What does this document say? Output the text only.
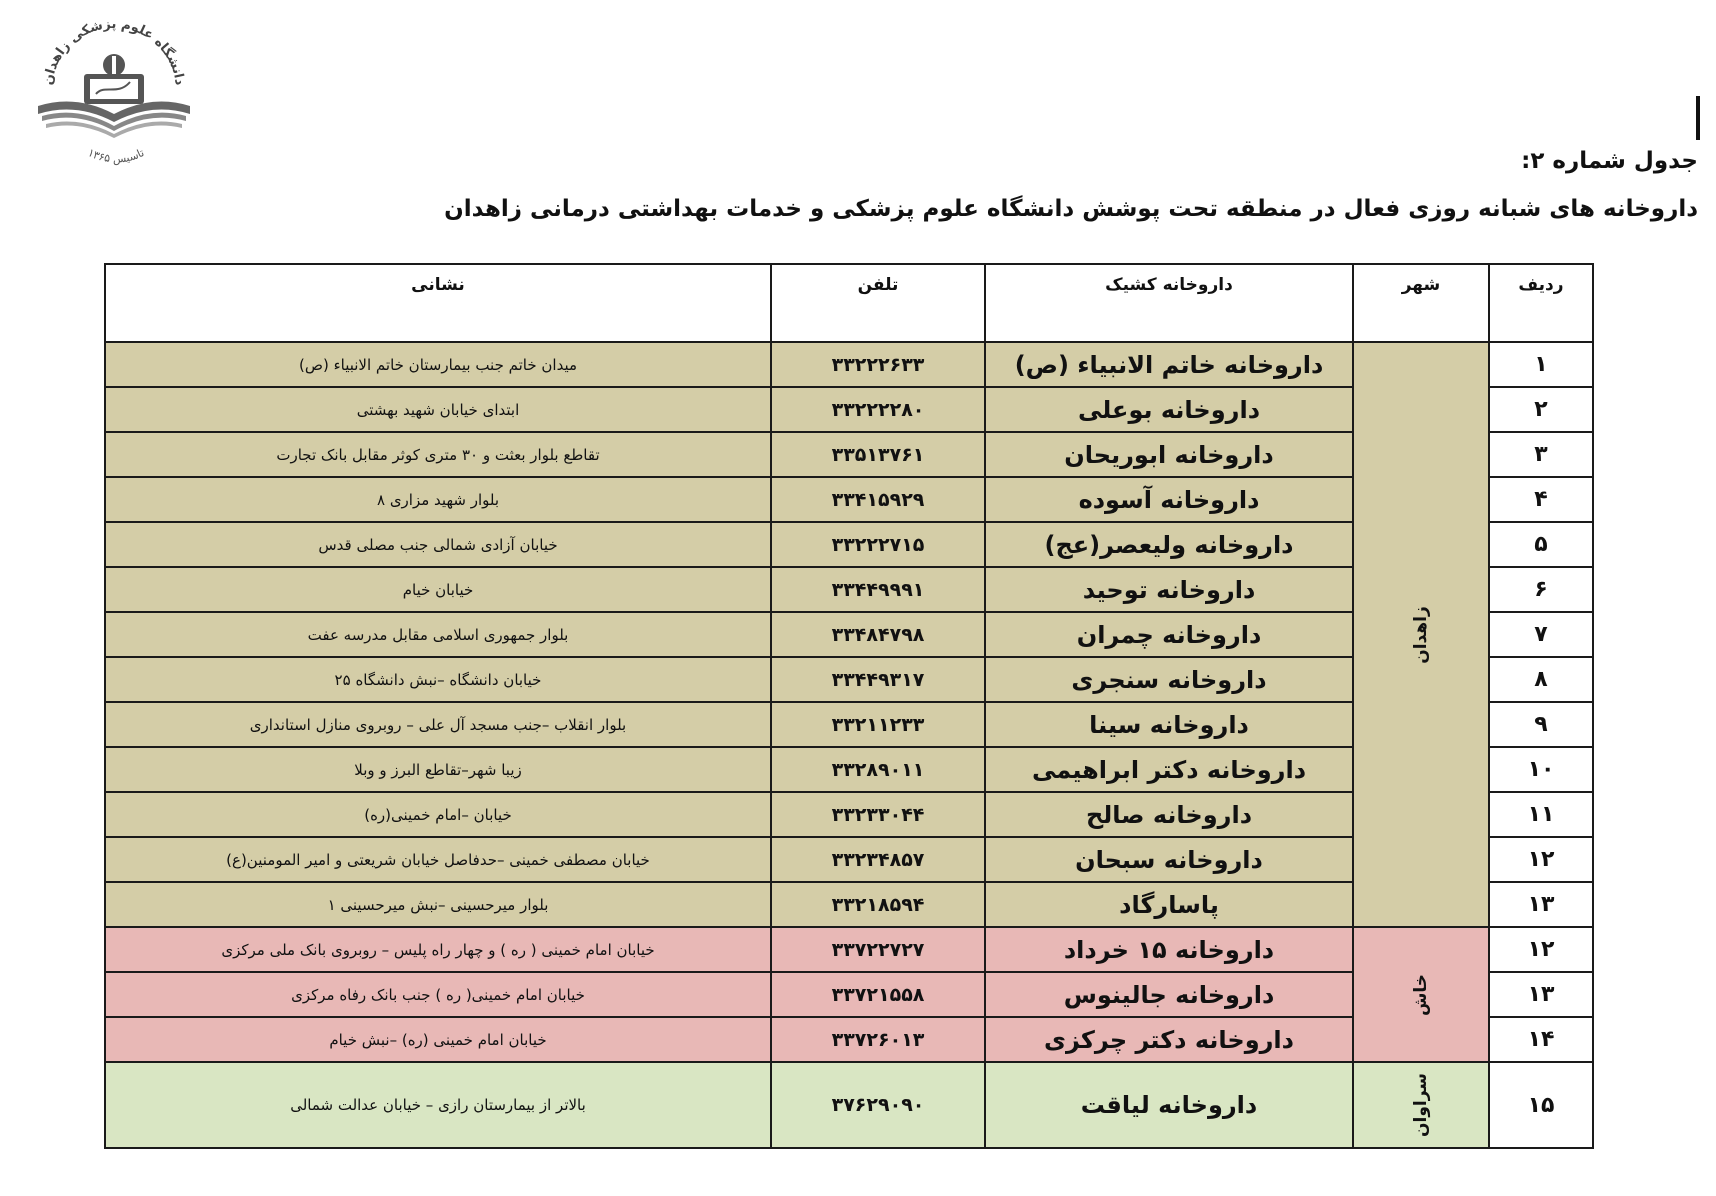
دانشگاه علوم پزشکی زاهدان
تاسیس ۱۳۶۵	جدول شماره ۲:
داروخانه های شبانه روزی فعال در منطقه تحت پوشش دانشگاه علوم پزشکی و خدمات بهداشتی درمانی زاهدان
ردیف	شهر	داروخانه کشیک	تلفن	نشانی
۱	زاهدان	داروخانه خاتم الانبیاء (ص)	۳۳۲۲۲۶۳۳	میدان خاتم جنب بیمارستان خاتم الانبیاء (ص)
۲		داروخانه بوعلی	۳۳۲۲۲۲۸۰	ابتدای خیابان شهید بهشتی
۳		داروخانه ابوریحان	۳۳۵۱۳۷۶۱	تقاطع بلوار بعثت و ۳۰ متری کوثر مقابل بانک تجارت
۴		داروخانه آسوده	۳۳۴۱۵۹۲۹	بلوار شهید مزاری ۸
۵		داروخانه ولیعصر(عج)	۳۳۲۲۲۷۱۵	خیابان آزادی شمالی جنب مصلی قدس
۶		داروخانه توحید	۳۳۴۴۹۹۹۱	خیابان خیام
۷		داروخانه چمران	۳۳۴۸۴۷۹۸	بلوار جمهوری اسلامی مقابل مدرسه عفت
۸		داروخانه سنجری	۳۳۴۴۹۳۱۷	خیابان دانشگاه –نبش دانشگاه ۲۵
۹		داروخانه سینا	۳۳۲۱۱۲۳۳	بلوار انقلاب –جنب مسجد آل علی – روبروی منازل استانداری
۱۰		داروخانه دکتر ابراهیمی	۳۳۲۸۹۰۱۱	زیبا شهر–تقاطع البرز و وبلا
۱۱		داروخانه صالح	۳۳۲۳۳۰۴۴	خیابان –امام خمینی(ره)
۱۲		داروخانه سبحان	۳۳۲۳۴۸۵۷	خیابان مصطفی خمینی –حدفاصل خیابان شریعتی و امیر المومنین(ع)
۱۳		پاسارگاد	۳۳۲۱۸۵۹۴	بلوار میرحسینی –نبش میرحسینی ۱
۱۲	خاش	داروخانه ۱۵ خرداد	۳۳۷۲۲۷۲۷	خیابان امام خمینی ( ره ) و چهار راه پلیس – روبروی بانک ملی مرکزی
۱۳		داروخانه جالینوس	۳۳۷۲۱۵۵۸	خیابان امام خمینی( ره ) جنب بانک رفاه مرکزی
۱۴		داروخانه دکتر چرکزی	۳۳۷۲۶۰۱۳	خیابان امام خمینی (ره) –نبش خیام
۱۵	سراوان	داروخانه لیاقت	۳۷۶۲۹۰۹۰	بالاتر از بیمارستان رازی – خیابان عدالت شمالی
